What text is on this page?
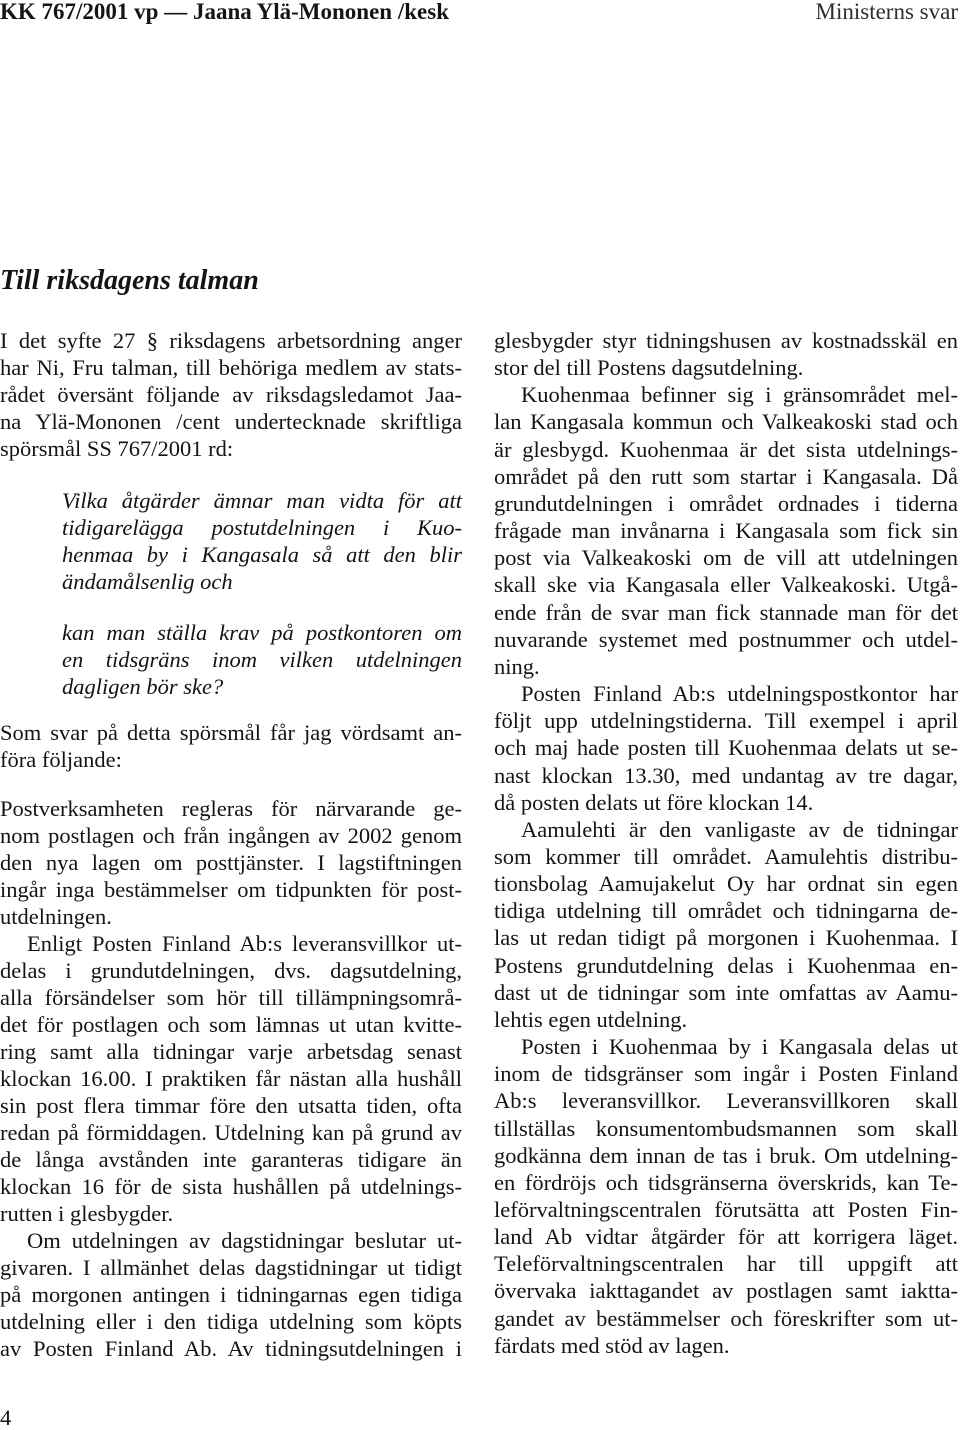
KK 767/2001 vp — Jaana Ylä-Mononen /kesk	Ministerns svar
Till riksdagens talman

I det syfte 27 § riksdagens arbetsordning anger
har Ni, Fru talman, till behöriga medlem av stats-
rådet översänt följande av riksdagsledamot Jaa-
na Ylä-Mononen /cent undertecknade skriftliga
spörsmål SS 767/2001 rd:

Vilka åtgärder ämnar man vidta för att
tidigarelägga postutdelningen i Kuo-
henmaa by i Kangasala så att den blir
ändamålsenlig och

kan man ställa krav på postkontoren om
en tidsgräns inom vilken utdelningen
dagligen bör ske?

Som svar på detta spörsmål får jag vördsamt an-
föra följande:

Postverksamheten regleras för närvarande ge-
nom postlagen och från ingången av 2002 genom
den nya lagen om posttjänster. I lagstiftningen
ingår inga bestämmelser om tidpunkten för post-
utdelningen.

Enligt Posten Finland Ab:s leveransvillkor ut-
delas i grundutdelningen, dvs. dagsutdelning,
alla försändelser som hör till tillämpningsområ-
det för postlagen och som lämnas ut utan kvitte-
ring samt alla tidningar varje arbetsdag senast
klockan 16.00. I praktiken får nästan alla hushåll
sin post flera timmar före den utsatta tiden, ofta
redan på förmiddagen. Utdelning kan på grund av
de långa avstånden inte garanteras tidigare än
klockan 16 för de sista hushållen på utdelnings-
rutten i glesbygder.

Om utdelningen av dagstidningar beslutar ut-
givaren. I allmänhet delas dagstidningar ut tidigt
på morgonen antingen i tidningarnas egen tidiga
utdelning eller i den tidiga utdelning som köpts
av Posten Finland Ab. Av tidningsutdelningen i

glesbygder styr tidningshusen av kostnadsskäl en
stor del till Postens dagsutdelning.

Kuohenmaa befinner sig i gränsområdet mel-
lan Kangasala kommun och Valkeakoski stad och
är glesbygd. Kuohenmaa är det sista utdelnings-
området på den rutt som startar i Kangasala. Då
grundutdelningen i området ordnades i tiderna
frågade man invånarna i Kangasala som fick sin
post via Valkeakoski om de vill att utdelningen
skall ske via Kangasala eller Valkeakoski. Utgå-
ende från de svar man fick stannade man för det
nuvarande systemet med postnummer och utdel-
ning.

Posten Finland Ab:s utdelningspostkontor har
följt upp utdelningstiderna. Till exempel i april
och maj hade posten till Kuohenmaa delats ut se-
nast klockan 13.30, med undantag av tre dagar,
då posten delats ut före klockan 14.

Aamulehti är den vanligaste av de tidningar
som kommer till området. Aamulehtis distribu-
tionsbolag Aamujakelut Oy har ordnat sin egen
tidiga utdelning till området och tidningarna de-
las ut redan tidigt på morgonen i Kuohenmaa. I
Postens grundutdelning delas i Kuohenmaa en-
dast ut de tidningar som inte omfattas av Aamu-
lehtis egen utdelning.

Posten i Kuohenmaa by i Kangasala delas ut
inom de tidsgränser som ingår i Posten Finland
Ab:s leveransvillkor. Leveransvillkoren skall
tillställas konsumentombudsmannen som skall
godkänna dem innan de tas i bruk. Om utdelning-
en fördröjs och tidsgränserna överskrids, kan Te-
leförvaltningscentralen förutsätta att Posten Fin-
land Ab vidtar åtgärder för att korrigera läget.
Teleförvaltningscentralen har till uppgift att
övervaka iakttagandet av postlagen samt iaktta-
gandet av bestämmelser och föreskrifter som ut-
färdats med stöd av lagen.

4
